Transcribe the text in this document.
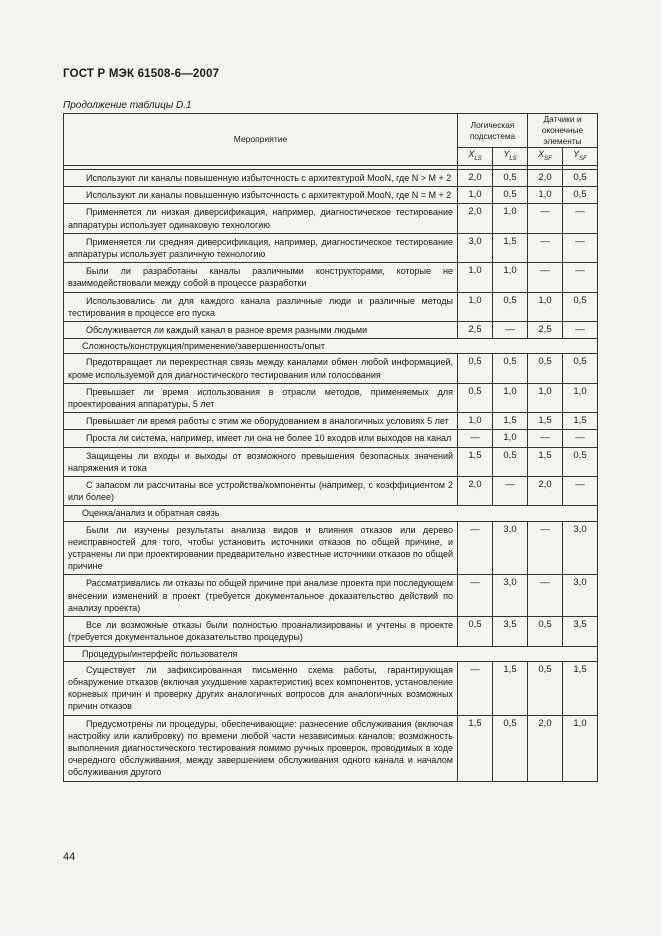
ГОСТ Р МЭК 61508-6—2007
Продолжение таблицы D.1
Мероприятие	Логическая подсистема		Датчики и оконечные элементы	
	$X_{LS}$	$Y_{LS}$	$X_{SF}$	$Y_{SF}$

Используют ли каналы повышенную избыточность с архитектурой MooN, где N > M + 2	2,0	0,5	2,0	0,5
Используют ли каналы повышенную избыточность с архитектурой MooN, где N = M + 2	1,0	0,5	1,0	0,5
Применяется ли низкая диверсификация, например, диагностическое тестирование аппаратуры использует одинаковую технологию	2,0	1,0	—	—
Применяется ли средняя диверсификация, например, диагностическое тестирование аппаратуры использует различную технологию	3,0	1,5	—	—
Были ли разработаны каналы различными конструкторами, которые не взаимодействовали между собой в процессе разработки	1,0	1,0	—	—
Использовались ли для каждого канала различные люди и различные методы тестирования в процессе его пуска	1,0	0,5	1,0	0,5
Обслуживается ли каждый канал в разное время разными людьми	2,5	—	2,5	—
Сложность/конструкция/применение/завершенность/опыт				
Предотвращает ли перекрестная связь между каналами обмен любой информацией, кроме используемой для диагностического тестирования или голосования	0,5	0,5	0,5	0,5
Превышает ли время использования в отрасли методов, применяемых для проектирования аппаратуры, 5 лет	0,5	1,0	1,0	1,0
Превышает ли время работы с этим же оборудованием в аналогичных условиях 5 лет	1,0	1,5	1,5	1,5
Проста ли система, например, имеет ли она не более 10 входов или выходов на канал	—	1,0	—	—
Защищены ли входы и выходы от возможного превышения безопасных значений напряжения и тока	1,5	0,5	1,5	0,5
С запасом ли рассчитаны все устройства/компоненты (например, с коэффициентом 2 или более)	2,0	—	2,0	—
Оценка/анализ и обратная связь				
Были ли изучены результаты анализа видов и влияния отказов или дерево неисправностей для того, чтобы установить источники отказов по общей причине, и устранены ли при проектировании предварительно известные источники отказов по общей причине	—	3,0	—	3,0
Рассматривались ли отказы по общей причине при анализе проекта при последующем внесении изменений в проект (требуется документальное доказательство действий по анализу проекта)	—	3,0	—	3,0
Все ли возможные отказы были полностью проанализированы и учтены в проекте (требуется документальное доказательство процедуры)	0,5	3,5	0,5	3,5
Процедуры/интерфейс пользователя				
Существует ли зафиксированная письменно схема работы, гарантирующая обнаружение отказов (включая ухудшение характеристик) всех компонентов, установление корневых причин и проверку других аналогичных вопросов для аналогичных возможных причин отказов	—	1,5	0,5	1,5
Предусмотрены ли процедуры, обеспечивающие: разнесение обслуживания (включая настройку или калибровку) по времени любой части независимых каналов; возможность выполнения диагностического тестирования помимо ручных проверок, проводимых в ходе очередного обслуживания, между завершением обслуживания одного канала и началом обслуживания другого	1,5	0,5	2,0	1,0
44
